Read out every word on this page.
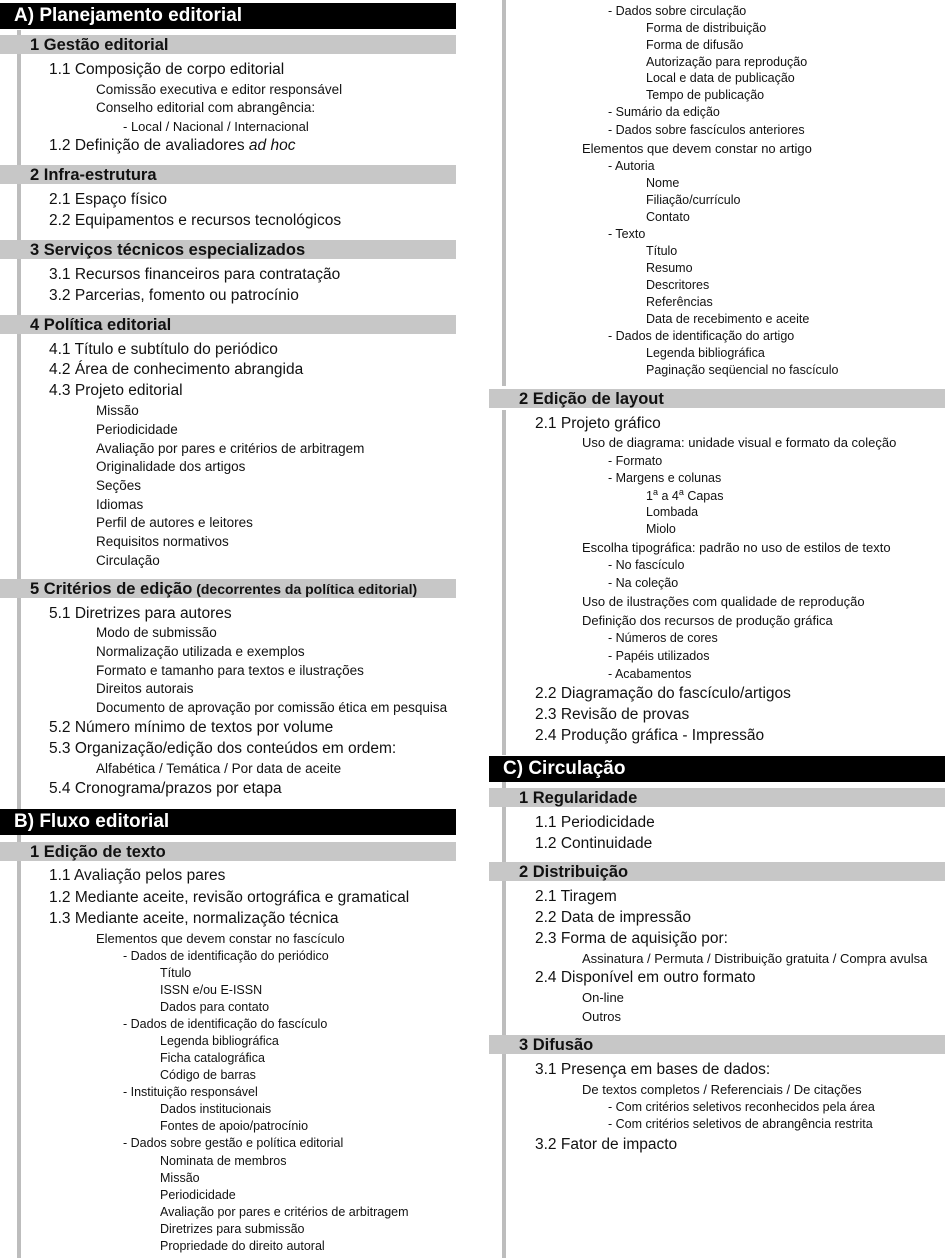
A) Planejamento editorial
1 Gestão editorial
1.1 Composição de corpo editorial
Comissão executiva e editor responsável
Conselho editorial com abrangência:
- Local / Nacional / Internacional
1.2 Definição de avaliadores ad hoc
2 Infra-estrutura
2.1 Espaço físico
2.2 Equipamentos e recursos tecnológicos
3 Serviços técnicos especializados
3.1 Recursos financeiros para contratação
3.2 Parcerias, fomento ou patrocínio
4 Política editorial
4.1 Título e subtítulo do periódico
4.2 Área de conhecimento abrangida
4.3 Projeto editorial
Missão
Periodicidade
Avaliação por pares e critérios de arbitragem
Originalidade dos artigos
Seções
Idiomas
Perfil de autores e leitores
Requisitos normativos
Circulação
5 Critérios de edição (decorrentes da política editorial)
5.1 Diretrizes para autores
Modo de submissão
Normalização utilizada e exemplos
Formato e tamanho para textos e ilustrações
Direitos autorais
Documento de aprovação por comissão ética em pesquisa
5.2 Número mínimo de textos por volume
5.3 Organização/edição dos conteúdos em ordem:
Alfabética / Temática / Por data de aceite
5.4 Cronograma/prazos por etapa
B) Fluxo editorial
1 Edição de texto
1.1 Avaliação pelos pares
1.2 Mediante aceite, revisão ortográfica e gramatical
1.3 Mediante aceite, normalização técnica
Elementos que devem constar no fascículo
- Dados de identificação do periódico
Título
ISSN e/ou E-ISSN
Dados para contato
- Dados de identificação do fascículo
Legenda bibliográfica
Ficha catalográfica
Código de barras
- Instituição responsável
Dados institucionais
Fontes de apoio/patrocínio
- Dados sobre gestão e política editorial
Nominata de membros
Missão
Periodicidade
Avaliação por pares e critérios de arbitragem
Diretrizes para submissão
Propriedade do direito autoral
- Dados sobre circulação
Forma de distribuição
Forma de difusão
Autorização para reprodução
Local e data de publicação
Tempo de publicação
- Sumário da edição
- Dados sobre fascículos anteriores
Elementos que devem constar no artigo
- Autoria
Nome
Filiação/currículo
Contato
- Texto
Título
Resumo
Descritores
Referências
Data de recebimento e aceite
- Dados de identificação do artigo
Legenda bibliográfica
Paginação seqüencial no fascículo
2 Edição de layout
2.1 Projeto gráfico
Uso de diagrama: unidade visual e formato da coleção
- Formato
- Margens e colunas
1$^a$ a 4$^a$ Capas
Lombada
Miolo
Escolha tipográfica: padrão no uso de estilos de texto
- No fascículo
- Na coleção
Uso de ilustrações com qualidade de reprodução
Definição dos recursos de produção gráfica
- Números de cores
- Papéis utilizados
- Acabamentos
2.2 Diagramação do fascículo/artigos
2.3 Revisão de provas
2.4 Produção gráfica - Impressão
C) Circulação
1 Regularidade
1.1 Periodicidade
1.2 Continuidade
2 Distribuição
2.1 Tiragem
2.2 Data de impressão
2.3 Forma de aquisição por:
Assinatura / Permuta / Distribuição gratuita / Compra avulsa
2.4 Disponível em outro formato
On-line
Outros
3 Difusão
3.1 Presença em bases de dados:
De textos completos / Referenciais / De citações
- Com critérios seletivos reconhecidos pela área
- Com critérios seletivos de abrangência restrita
3.2 Fator de impacto
